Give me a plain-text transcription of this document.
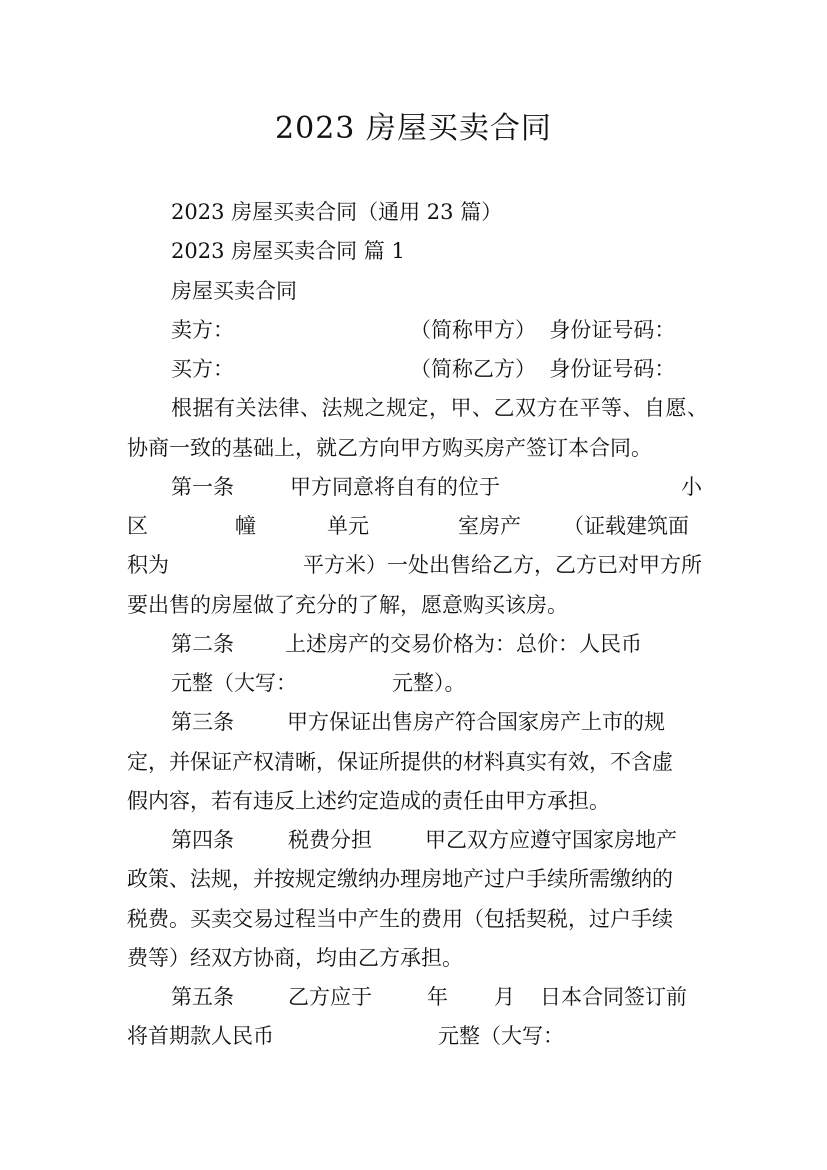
2023 房屋买卖合同
2023 房屋买卖合同（通用 23 篇）
2023 房屋买卖合同 篇 1
房屋买卖合同
卖方：	（简称甲方）  身份证号码：
买方：	（简称乙方）  身份证号码：
根据有关法律、法规之规定，甲、乙双方在平等、自愿、
协商一致的基础上，就乙方向甲方购买房产签订本合同。
第一条	甲方同意将自有的位于	小
区	幢	单元	室房产 （证载建筑面
积为	平方米）一处出售给乙方，乙方已对甲方所
要出售的房屋做了充分的了解，愿意购买该房。
第二条 上述房产的交易价格为：总价：人民币
元整（大写：	元整）。
第三条	甲方保证出售房产符合国家房产上市的规
定，并保证产权清晰，保证所提供的材料真实有效，不含虚
假内容，若有违反上述约定造成的责任由甲方承担。
第四条	税费分担	甲乙双方应遵守国家房地产
政策、法规，并按规定缴纳办理房地产过户手续所需缴纳的
税费。买卖交易过程当中产生的费用（包括契税，过户手续
费等）经双方协商，均由乙方承担。
第五条	乙方应于	年 月 日本合同签订前
将首期款人民币	元整（大写：
